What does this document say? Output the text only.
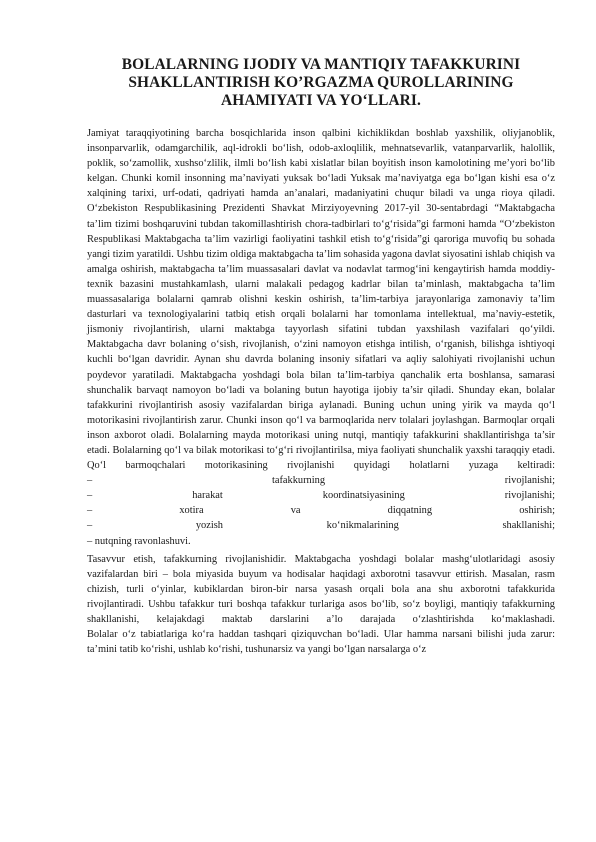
BOLALARNING IJODIY VA MANTIQIY TAFAKKURINI SHAKLLANTIRISH KO’RGAZMA QUROLLARINING AHAMIYATI VA YO‘LLARI.

Jamiyat taraqqiyotining barcha bosqichlarida inson qalbini kichiklikdan boshlab yaxshilik, oliyjanoblik, insonparvarlik, odamgarchilik, aql-idrokli bo‘lish, odob-axloqlilik, mehnatsevarlik, vatanparvarlik, halollik, poklik, so‘zamollik, xushso‘zlilik, ilmli bo‘lish kabi xislatlar bilan boyitish inson kamolotining me’yori bo‘lib kelgan. Chunki komil insonning ma’naviyati yuksak bo‘ladi Yuksak ma’naviyatga ega bo‘lgan kishi esa o‘z xalqining tarixi, urf-odati, qadriyati hamda an’analari, madaniyatini chuqur biladi va unga rioya qiladi.

O‘zbekiston Respublikasining Prezidenti Shavkat Mirziyoyevning 2017-yil 30-sentabrdagi “Maktabgacha ta’lim tizimi boshqaruvini tubdan takomillashtirish chora-tadbirlari to‘g‘risida”gi farmoni hamda “O‘zbekiston Respublikasi Maktabgacha ta’lim vazirligi faoliyatini tashkil etish to‘g‘risida”gi qaroriga muvofiq bu sohada yangi tizim yaratildi. Ushbu tizim oldiga maktabgacha ta’lim sohasida yagona davlat siyosatini ishlab chiqish va amalga oshirish, maktabgacha ta’lim muassasalari davlat va nodavlat tarmog‘ini kengaytirish hamda moddiy-texnik bazasini mustahkamlash, ularni malakali pedagog kadrlar bilan ta’minlash, maktabgacha ta’lim muassasalariga bolalarni qamrab olishni keskin oshirish, ta’lim-tarbiya jarayonlariga zamonaviy ta’lim dasturlari va texnologiyalarini tatbiq etish orqali bolalarni har tomonlama intellektual, ma’naviy-estetik, jismoniy rivojlantirish, ularni maktabga tayyorlash sifatini tubdan yaxshilash vazifalari qo‘yildi.

Maktabgacha davr bolaning o‘sish, rivojlanish, o‘zini namoyon etishga intilish, o‘rganish, bilishga ishtiyoqi kuchli bo‘lgan davridir. Aynan shu davrda bolaning insoniy sifatlari va aqliy salohiyati rivojlanishi uchun poydevor yaratiladi. Maktabgacha yoshdagi bola bilan ta’lim-tarbiya qanchalik erta boshlansa, samarasi shunchalik barvaqt namoyon bo‘ladi va bolaning butun hayotiga ijobiy ta’sir qiladi. Shunday ekan, bolalar tafakkurini rivojlantirish asosiy vazifalardan biriga aylanadi. Buning uchun uning yirik va mayda qo‘l motorikasini rivojlantirish zarur. Chunki inson qo‘l va barmoqlarida nerv tolalari joylashgan. Barmoqlar orqali inson axborot oladi. Bolalarning mayda motorikasi uning nutqi, mantiqiy tafakkurini shakllantirishga ta’sir etadi. Bolalarning qo‘l va bilak motorikasi to‘g‘ri rivojlantirilsa, miya faoliyati shunchalik yaxshi taraqqiy etadi.

Qo‘l barmoqchalari motorikasining rivojlanishi quyidagi holatlarni yuzaga keltiradi:

– tafakkurning rivojlanishi;

– harakat koordinatsiyasining rivojlanishi;

– xotira va diqqatning oshirish;

– yozish ko‘nikmalarining shakllanishi;

– nutqning ravonlashuvi.

Tasavvur etish, tafakkurning rivojlanishidir. Maktabgacha yoshdagi bolalar mashg‘ulotlaridagi asosiy vazifalardan biri – bola miyasida buyum va hodisalar haqidagi axborotni tasavvur ettirish. Masalan, rasm chizish, turli o‘yinlar, kubiklardan biron-bir narsa yasash orqali bola ana shu axborotni tafakkurida rivojlantiradi. Ushbu tafakkur turi boshqa tafakkur turlariga asos bo‘lib, so‘z boyligi, mantiqiy tafakkurning shakllanishi, kelajakdagi maktab darslarini a’lo darajada o‘zlashtirishda ko‘maklashadi.

Bolalar o‘z tabiatlariga ko‘ra haddan tashqari qiziquvchan bo‘ladi. Ular hamma narsani bilishi juda zarur: ta’mini tatib ko‘rishi, ushlab ko‘rishi, tushunarsiz va yangi bo‘lgan narsalarga o‘z
